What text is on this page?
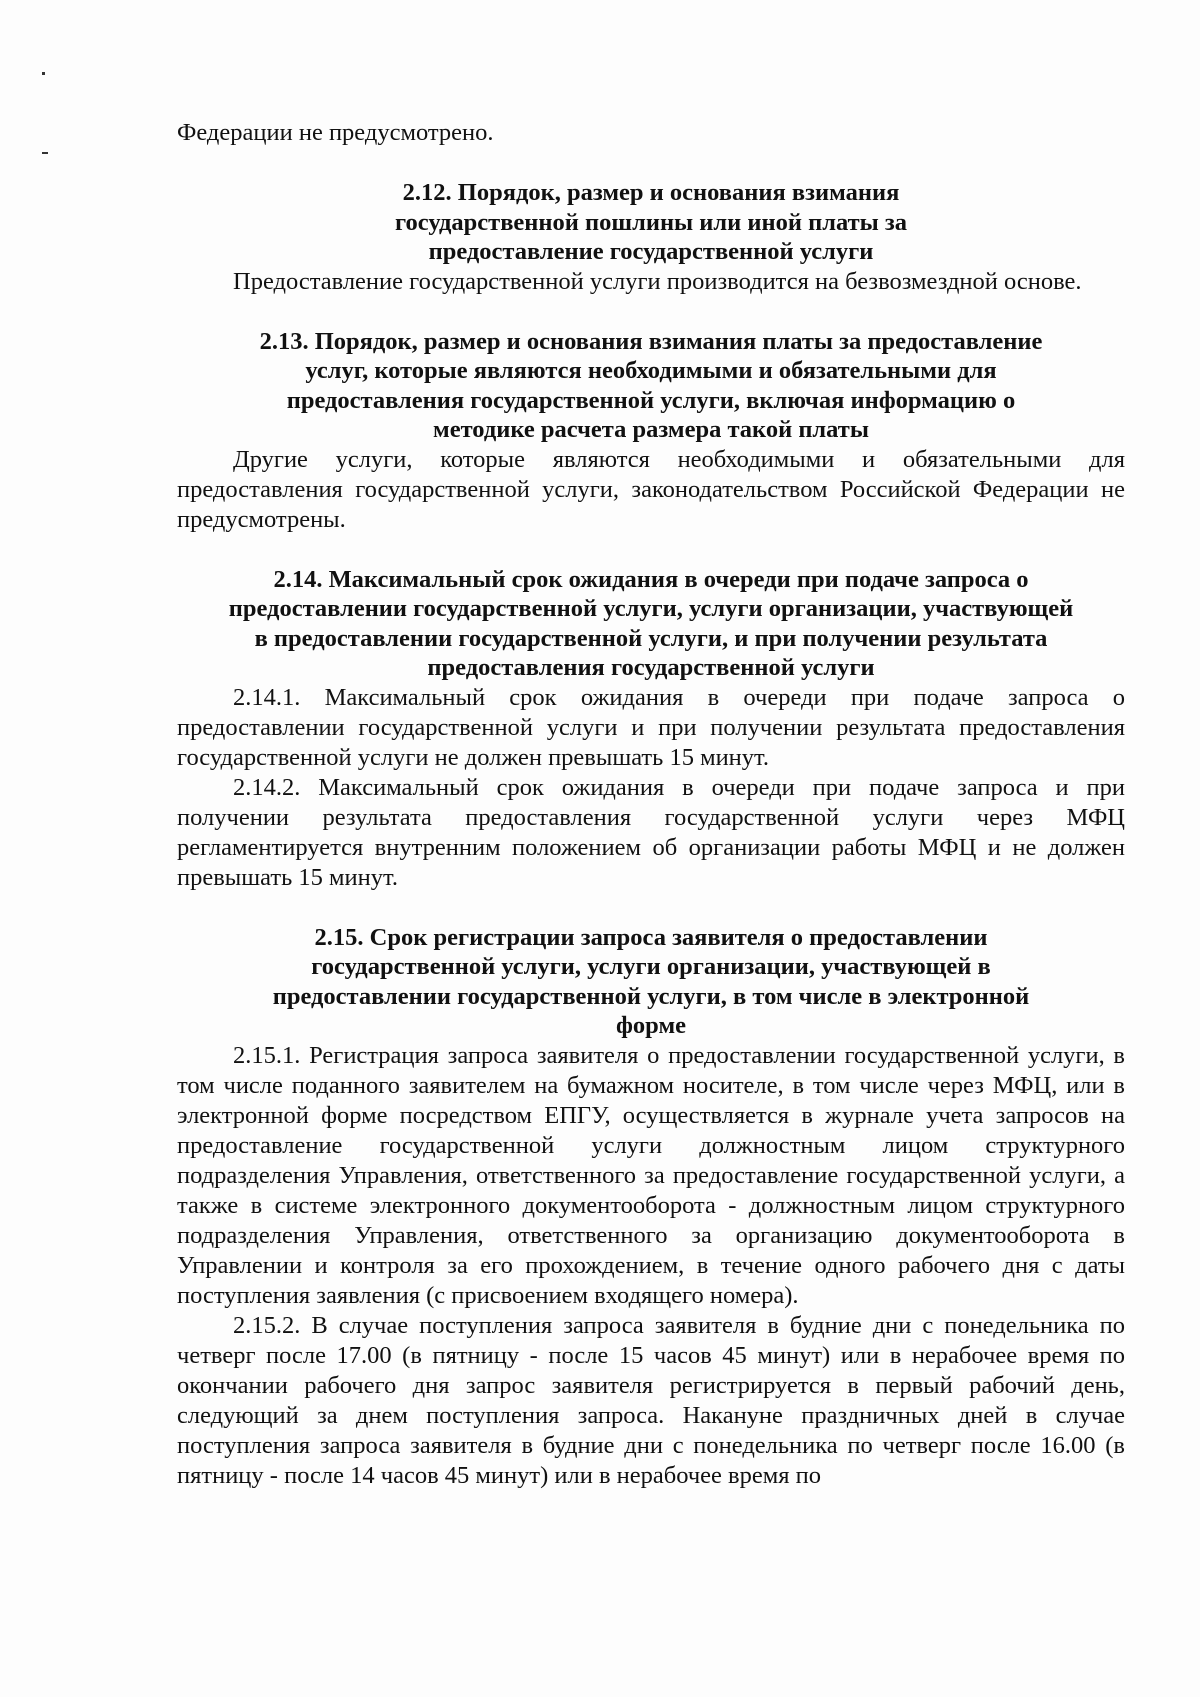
Федерации не предусмотрено.

2.12. Порядок, размер и основания взимания государственной пошлины или иной платы за предоставление государственной услуги

Предоставление государственной услуги производится на безвозмездной основе.

2.13. Порядок, размер и основания взимания платы за предоставление услуг, которые являются необходимыми и обязательными для предоставления государственной услуги, включая информацию о методике расчета размера такой платы

Другие услуги, которые являются необходимыми и обязательными для предоставления государственной услуги, законодательством Российской Федерации не предусмотрены.

2.14. Максимальный срок ожидания в очереди при подаче запроса о предоставлении государственной услуги, услуги организации, участвующей в предоставлении государственной услуги, и при получении результата предоставления государственной услуги

2.14.1. Максимальный срок ожидания в очереди при подаче запроса о предоставлении государственной услуги и при получении результата предоставления государственной услуги не должен превышать 15 минут.

2.14.2. Максимальный срок ожидания в очереди при подаче запроса и при получении результата предоставления государственной услуги через МФЦ регламентируется внутренним положением об организации работы МФЦ и не должен превышать 15 минут.

2.15. Срок регистрации запроса заявителя о предоставлении государственной услуги, услуги организации, участвующей в предоставлении государственной услуги, в том числе в электронной форме

2.15.1. Регистрация запроса заявителя о предоставлении государственной услуги, в том числе поданного заявителем на бумажном носителе, в том числе через МФЦ, или в электронной форме посредством ЕПГУ, осуществляется в журнале учета запросов на предоставление государственной услуги должностным лицом структурного подразделения Управления, ответственного за предоставление государственной услуги, а также в системе электронного документооборота - должностным лицом структурного подразделения Управления, ответственного за организацию документооборота в Управлении и контроля за его прохождением, в течение одного рабочего дня с даты поступления заявления (с присвоением входящего номера).

2.15.2. В случае поступления запроса заявителя в будние дни с понедельника по четверг после 17.00 (в пятницу - после 15 часов 45 минут) или в нерабочее время по окончании рабочего дня запрос заявителя регистрируется в первый рабочий день, следующий за днем поступления запроса. Накануне праздничных дней в случае поступления запроса заявителя в будние дни с понедельника по четверг после 16.00 (в пятницу - после 14 часов 45 минут) или в нерабочее время по
